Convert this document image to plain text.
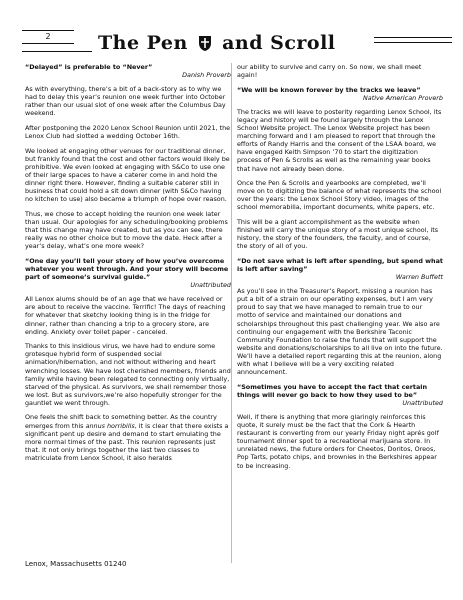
2	The Pen and Scroll
“Delayed” is preferable to “Never”
Danish Proverb

As with everything, there’s a bit of a back-story as to why we had to delay this year’s reunion one week further into October rather than our usual slot of one week after the Columbus Day weekend.

After postponing the 2020 Lenox School Reunion until 2021, the Lenox Club had slotted a wedding October 16th.

We looked at engaging other venues for our traditional dinner, but frankly found that the cost and other factors would likely be prohibitive. We even looked at engaging with S&Co to use one of their large spaces to have a caterer come in and hold the dinner right there. However, finding a suitable caterer still in business that could hold a sit down dinner (with S&Co having no kitchen to use) also became a triumph of hope over reason.

Thus, we chose to accept holding the reunion one week later than usual. Our apologies for any scheduling/booking problems that this change may have created, but as you can see, there really was no other choice but to move the date. Heck after a year’s delay, what’s one more week?

“One day you’ll tell your story of how you’ve overcome whatever you went through. And your story will become part of someone’s survival guide.”
Unattributed

All Lenox alums should be of an age that we have received or are about to receive the vaccine. Terrific! The days of reaching for whatever that sketchy looking thing is in the fridge for dinner, rather than chancing a trip to a grocery store, are ending. Anxiety over toilet paper - canceled.

Thanks to this insidious virus, we have had to endure some grotesque hybrid form of suspended social animation/hibernation, and not without withering and heart wrenching losses. We have lost cherished members, friends and family while having been relegated to connecting only virtually, starved of the physical. As survivors, we shall remember those we lost. But as survivors,we’re also hopefully stronger for the gauntlet we went through.

One feels the shift back to something better. As the country emerges from this annus horribilis, it is clear that there exists a significant pent up desire and demand to start emulating the more normal times of the past. This reunion represents just that. It not only brings together the last two classes to matriculate from Lenox School, it also heralds

our ability to survive and carry on. So now, we shall meet again!

“We will be known forever by the tracks we leave”
Native American Proverb

The tracks we will leave to posterity regarding Lenox School, its legacy and history will be found largely through the Lenox School Website project. The Lenox Website project has been marching forward and I am pleased to report that through the efforts of Randy Harris and the consent of the LSAA board, we have engaged Keith Simpson ’70 to start the digitization process of Pen & Scrolls as well as the remaining year books that have not already been done.

Once the Pen & Scrolls and yearbooks are completed, we’ll move on to digitizing the balance of what represents the school over the years: the Lenox School Story video, images of the school memorabilia, important documents, white papers, etc.

This will be a giant accomplishment as the website when finished will carry the unique story of a most unique school, its history, the story of the founders, the faculty, and of course, the story of all of you.

“Do not save what is left after spending, but spend what is left after saving”
Warren Buffett

As you’ll see in the Treasurer’s Report, missing a reunion has put a bit of a strain on our operating expenses, but I am very proud to say that we have managed to remain true to our motto of service and maintained our donations and scholarships throughout this past challenging year. We also are continuing our engagement with the Berkshire Taconic Community Foundation to raise the funds that will support the website and donations/scholarships to all live on into the future. We’ll have a detailed report regarding this at the reunion, along with what I believe will be a very exciting related announcement.

“Sometimes you have to accept the fact that certain things will never go back to how they used to be”
Unattributed

Well, if there is anything that more glaringly reinforces this quote, it surely must be the fact that the Cork & Hearth restaurant is converting from our yearly Friday night aprés golf tournament dinner spot to a recreational marijuana store. In unrelated news, the future orders for Cheetos, Doritos, Oreos, Pop Tarts, potato chips, and brownies in the Berkshires appear to be increasing.

Lenox, Massachusetts 01240
